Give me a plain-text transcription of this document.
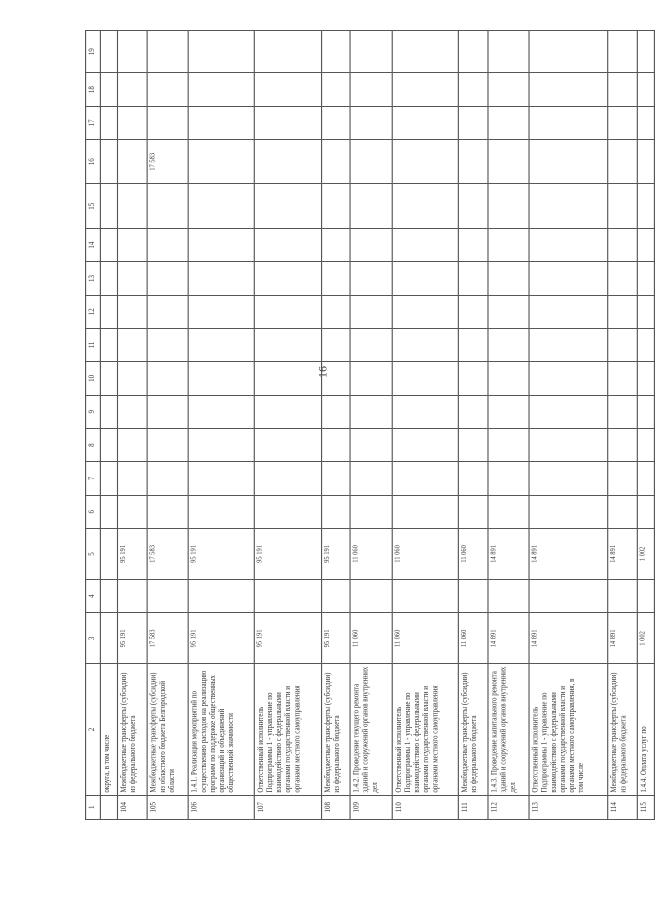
16
1	2	3	4	5	6	7	8	9	10	11	12	13	14	15	16	17	18	19
	округа, в том числе																	
104	Межбюджетные трансферты (субсидии) из федерального бюджета	95 191		95 191														
105	Межбюджетные трансферты (субсидии) из областного бюджета Белгородской области	17 583		17 583											17 583			
106	1.4.1. Реализация мероприятий по осуществлению расходов на реализацию программ по поддержке общественных организаций и объединений общественной значимости	95 191		95 191														
107	Ответственный исполнитель Подпрограммы 1 - управление по взаимодействию с федеральными органами государственной власти и органами местного самоуправления	95 191		95 191														
108	Межбюджетные трансферты (субсидии) из федерального бюджета	95 191		95 191														
109	1.4.2. Проведение текущего ремонта зданий и сооружений органов внутренних дел	11 060		11 060														
110	Ответственный исполнитель Подпрограммы 1 - управление по взаимодействию с федеральными органами государственной власти и органами местного самоуправления	11 060		11 060														
111	Межбюджетные трансферты (субсидии) из федерального бюджета	11 060		11 060														
112	1.4.3. Проведение капитального ремонта зданий и сооружений органов внутренних дел	14 891		14 891														
113	Ответственный исполнитель Подпрограммы 1 - управление по взаимодействию с федеральными органами государственной власти и органами местного самоуправления, в том числе	14 891		14 891														
114	Межбюджетные трансферты (субсидии) из федерального бюджета	14 891		14 891														
115	1.4.4. Оплата услуг по	1 002		1 002														
